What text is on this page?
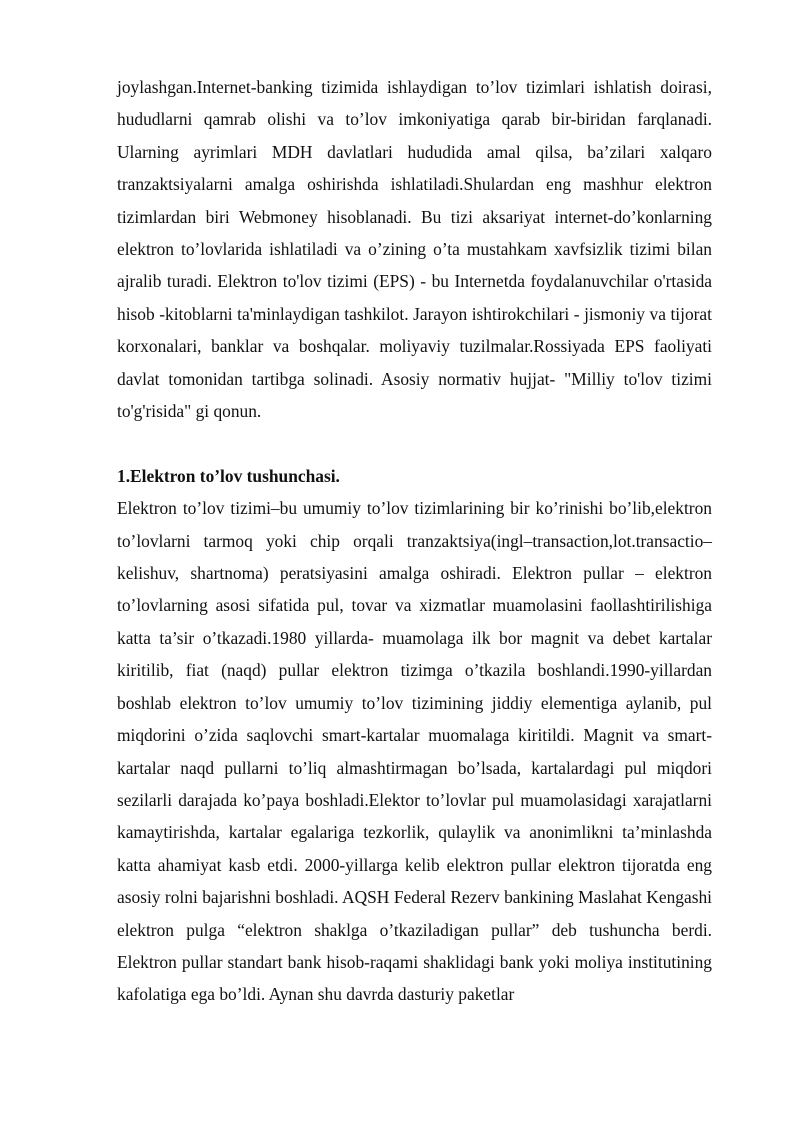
joylashgan.Internet-banking tizimida ishlaydigan to’lov tizimlari ishlatish doirasi, hududlarni qamrab olishi va to’lov imkoniyatiga qarab bir-biridan farqlanadi. Ularning ayrimlari MDH davlatlari hududida amal qilsa, ba’zilari xalqaro tranzaktsiyalarni amalga oshirishda ishlatiladi.Shulardan eng mashhur elektron tizimlardan biri Webmoney hisoblanadi. Bu tizi aksariyat internet-do’konlarning elektron to’lovlarida ishlatiladi va o’zining o’ta mustahkam xavfsizlik tizimi bilan ajralib turadi. Elektron to'lov tizimi (EPS) - bu Internetda foydalanuvchilar o'rtasida hisob -kitoblarni ta'minlaydigan tashkilot. Jarayon ishtirokchilari - jismoniy va tijorat korxonalari, banklar va boshqalar. moliyaviy tuzilmalar.Rossiyada EPS faoliyati davlat tomonidan tartibga solinadi. Asosiy normativ hujjat- "Milliy to'lov tizimi to'g'risida" gi qonun.

1.Elektron to’lov tushunchasi.

Elektron to’lov tizimi–bu umumiy to’lov tizimlarining bir ko’rinishi bo’lib,elektron to’lovlarni tarmoq yoki chip orqali tranzaktsiya(ingl–transaction,lot.transactio–kelishuv, shartnoma) peratsiyasini amalga oshiradi. Elektron pullar – elektron to’lovlarning asosi sifatida pul, tovar va xizmatlar muamolasini faollashtirilishiga katta ta’sir o’tkazadi.1980 yillarda- muamolaga ilk bor magnit va debet kartalar kiritilib, fiat (naqd) pullar elektron tizimga o’tkazila boshlandi.1990-yillardan boshlab elektron to’lov umumiy to’lov tizimining jiddiy elementiga aylanib, pul miqdorini o’zida saqlovchi smart-kartalar muomalaga kiritildi. Magnit va smart-kartalar naqd pullarni to’liq almashtirmagan bo’lsada, kartalardagi pul miqdori sezilarli darajada ko’paya boshladi.Elektor to’lovlar pul muamolasidagi xarajatlarni kamaytirishda, kartalar egalariga tezkorlik, qulaylik va anonimlikni ta’minlashda katta ahamiyat kasb etdi. 2000-yillarga kelib elektron pullar elektron tijoratda eng asosiy rolni bajarishni boshladi. AQSH Federal Rezerv bankining Maslahat Kengashi elektron pulga “elektron shaklga o’tkaziladigan pullar” deb tushuncha berdi. Elektron pullar standart bank hisob-raqami shaklidagi bank yoki moliya institutining kafolatiga ega bo’ldi. Aynan shu davrda dasturiy paketlar
